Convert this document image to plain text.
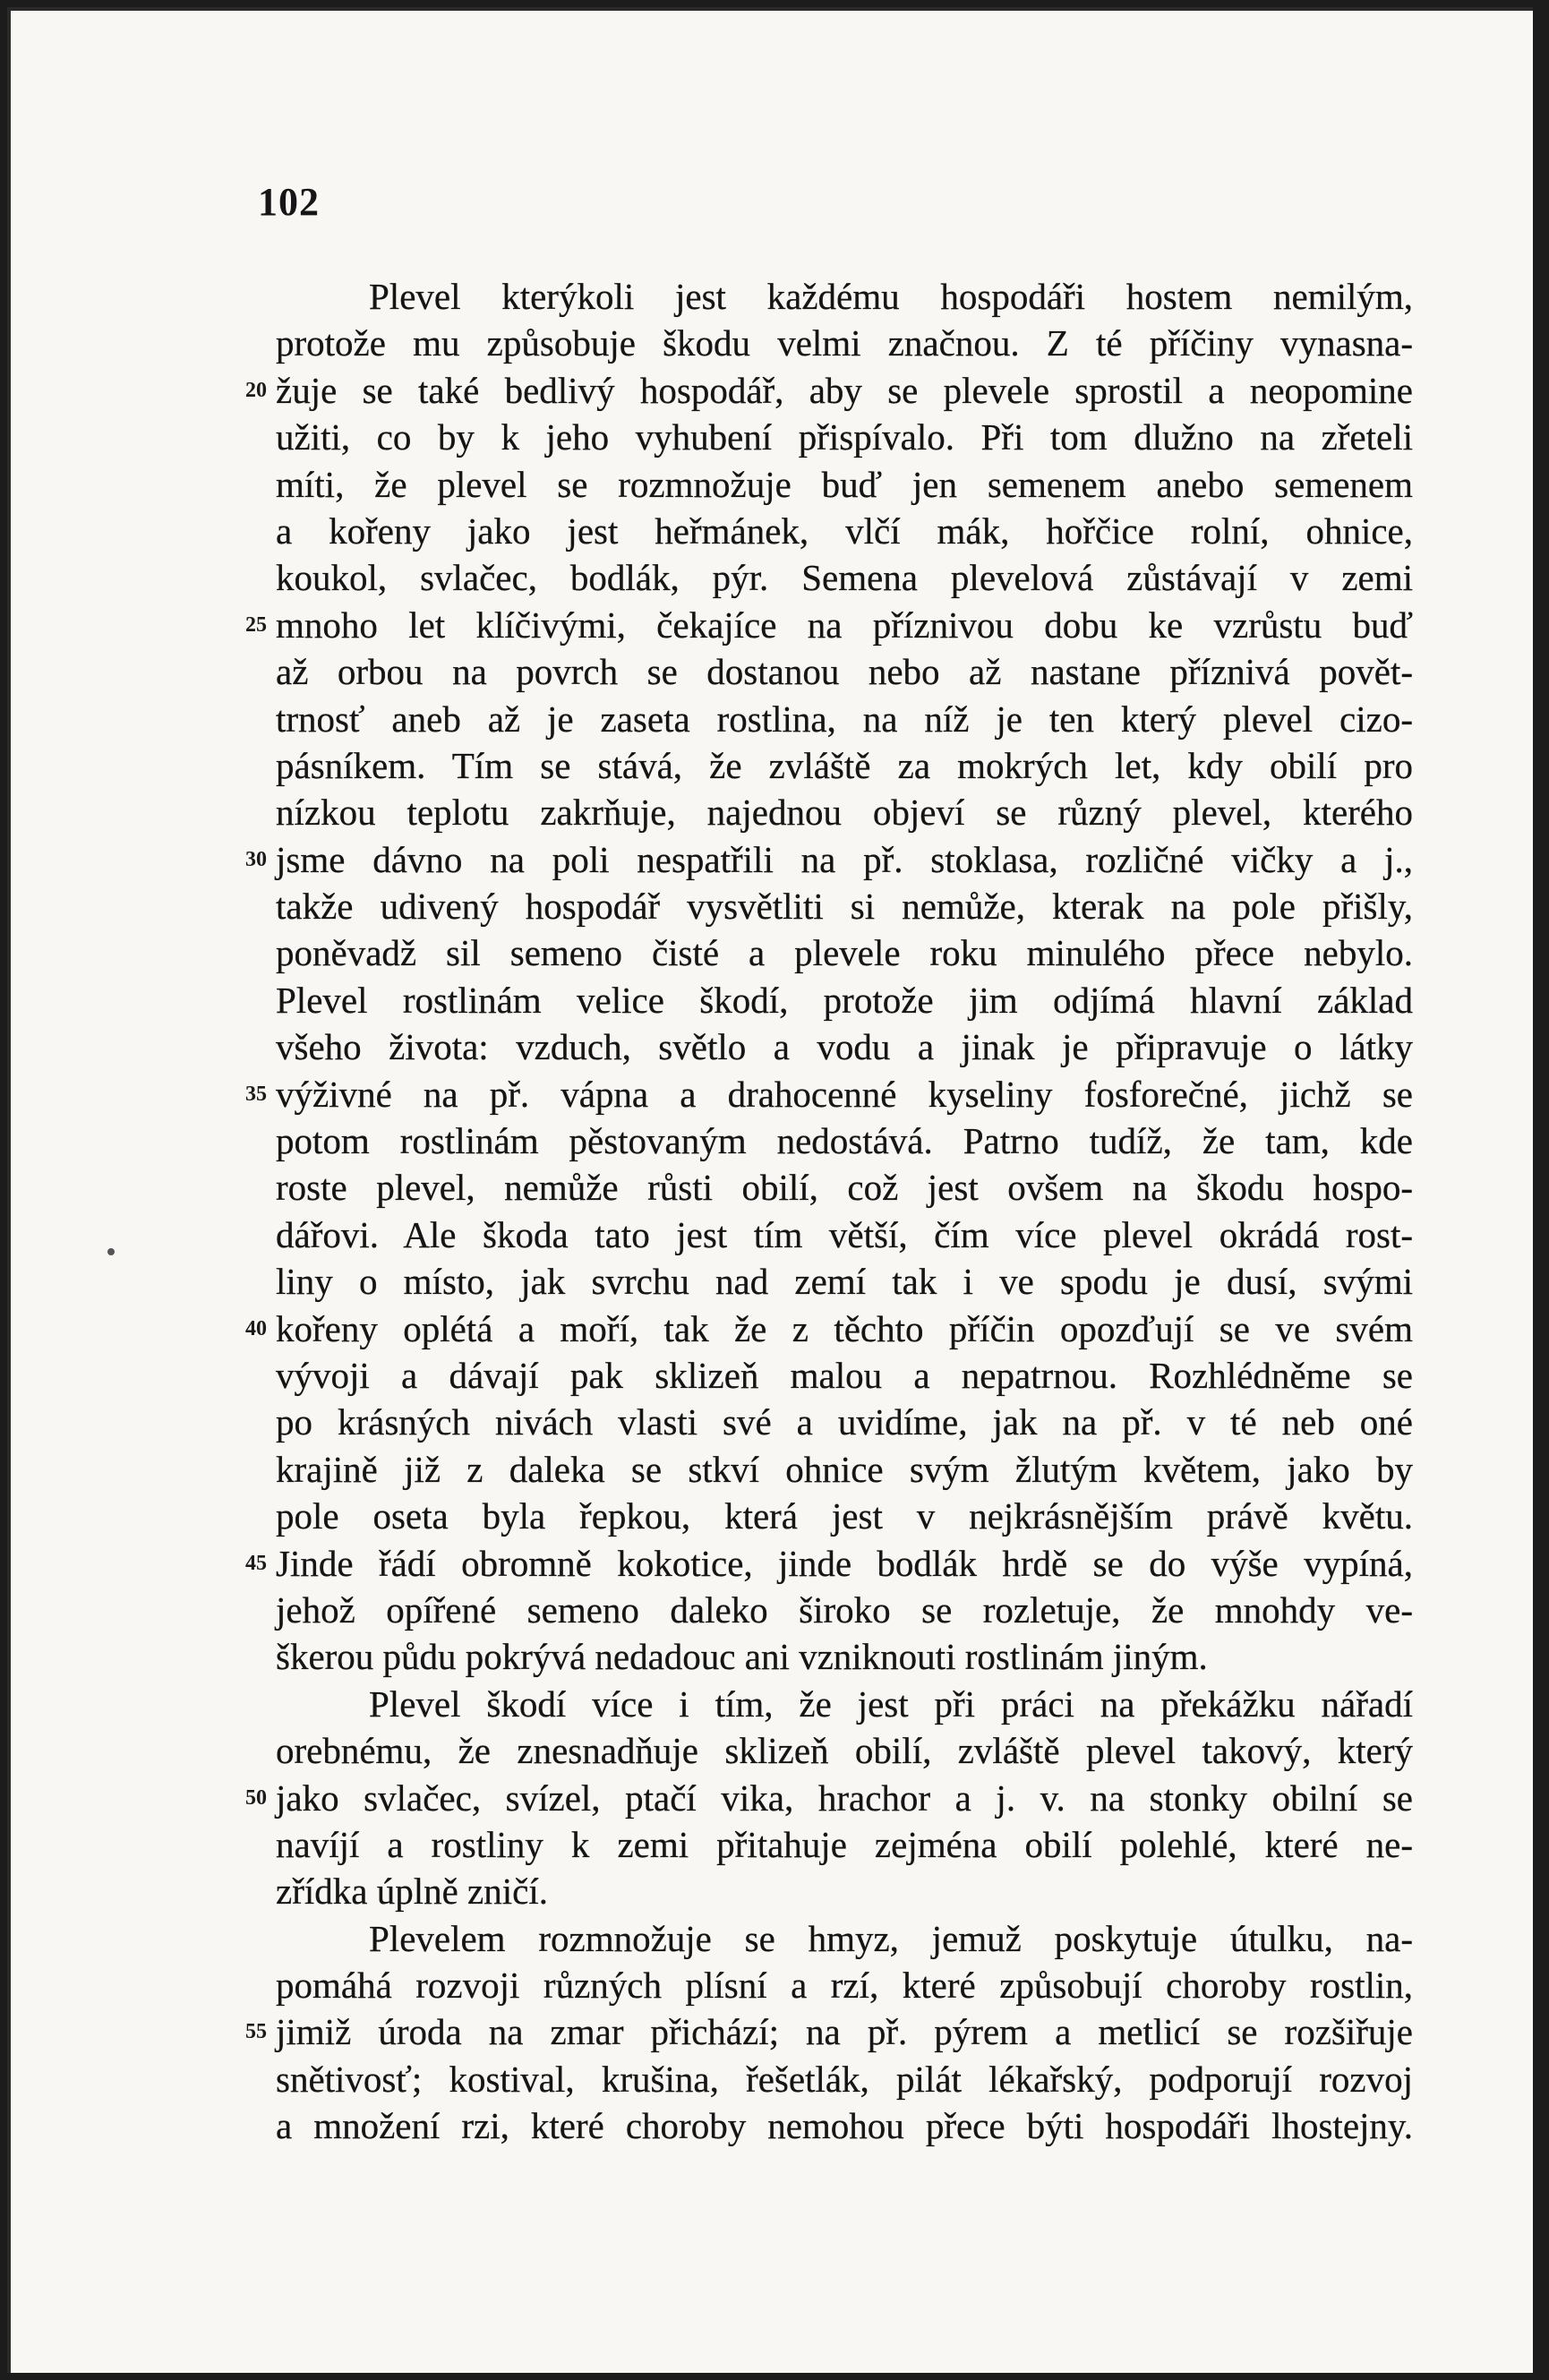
102
Plevel kterýkoli jest každému hospodáři hostem nemilým,
protože mu způsobuje škodu velmi značnou. Z té příčiny vynasna-
20 žuje se také bedlivý hospodář, aby se plevele sprostil a neopomine
užiti, co by k jeho vyhubení přispívalo. Při tom dlužno na zřeteli
míti, že plevel se rozmnožuje buď jen semenem anebo semenem
a kořeny jako jest heřmánek, vlčí mák, hořčice rolní, ohnice,
koukol, svlačec, bodlák, pýr. Semena plevelová zůstávají v zemi
25 mnoho let klíčivými, čekajíce na příznivou dobu ke vzrůstu buď
až orbou na povrch se dostanou nebo až nastane příznivá povět-
trnosť aneb až je zaseta rostlina, na níž je ten který plevel cizo-
pásníkem. Tím se stává, že zvláště za mokrých let, kdy obilí pro
nízkou teplotu zakrňuje, najednou objeví se různý plevel, kterého
30 jsme dávno na poli nespatřili na př. stoklasa, rozličné vičky a j.,
takže udivený hospodář vysvětliti si nemůže, kterak na pole přišly,
poněvadž sil semeno čisté a plevele roku minulého přece nebylo.
Plevel rostlinám velice škodí, protože jim odjímá hlavní základ
všeho života: vzduch, světlo a vodu a jinak je připravuje o látky
35 výživné na př. vápna a drahocenné kyseliny fosforečné, jichž se
potom rostlinám pěstovaným nedostává. Patrno tudíž, že tam, kde
roste plevel, nemůže růsti obilí, což jest ovšem na škodu hospo-
dářovi. Ale škoda tato jest tím větší, čím více plevel okrádá rost-
liny o místo, jak svrchu nad zemí tak i ve spodu je dusí, svými
40 kořeny oplétá a moří, tak že z těchto příčin opozďují se ve svém
vývoji a dávají pak sklizeň malou a nepatrnou. Rozhlédněme se
po krásných nivách vlasti své a uvidíme, jak na př. v té neb oné
krajině již z daleka se stkví ohnice svým žlutým květem, jako by
pole oseta byla řepkou, která jest v nejkrásnějším právě květu.
45 Jinde řádí obromně kokotice, jinde bodlák hrdě se do výše vypíná,
jehož opířené semeno daleko široko se rozletuje, že mnohdy ve-
škerou půdu pokrývá nedadouc ani vzniknouti rostlinám jiným.
Plevel škodí více i tím, že jest při práci na překážku nářadí
orebnému, že znesnadňuje sklizeň obilí, zvláště plevel takový, který
50 jako svlačec, svízel, ptačí vika, hrachor a j. v. na stonky obilní se
navíjí a rostliny k zemi přitahuje zejména obilí polehlé, které ne-
zřídka úplně zničí.
Plevelem rozmnožuje se hmyz, jemuž poskytuje útulku, na-
pomáhá rozvoji různých plísní a rzí, které způsobují choroby rostlin,
55 jimiž úroda na zmar přichází; na př. pýrem a metlicí se rozšiřuje
snětivosť; kostival, krušina, řešetlák, pilát lékařský, podporují rozvoj
a množení rzi, které choroby nemohou přece býti hospodáři lhostejny.
